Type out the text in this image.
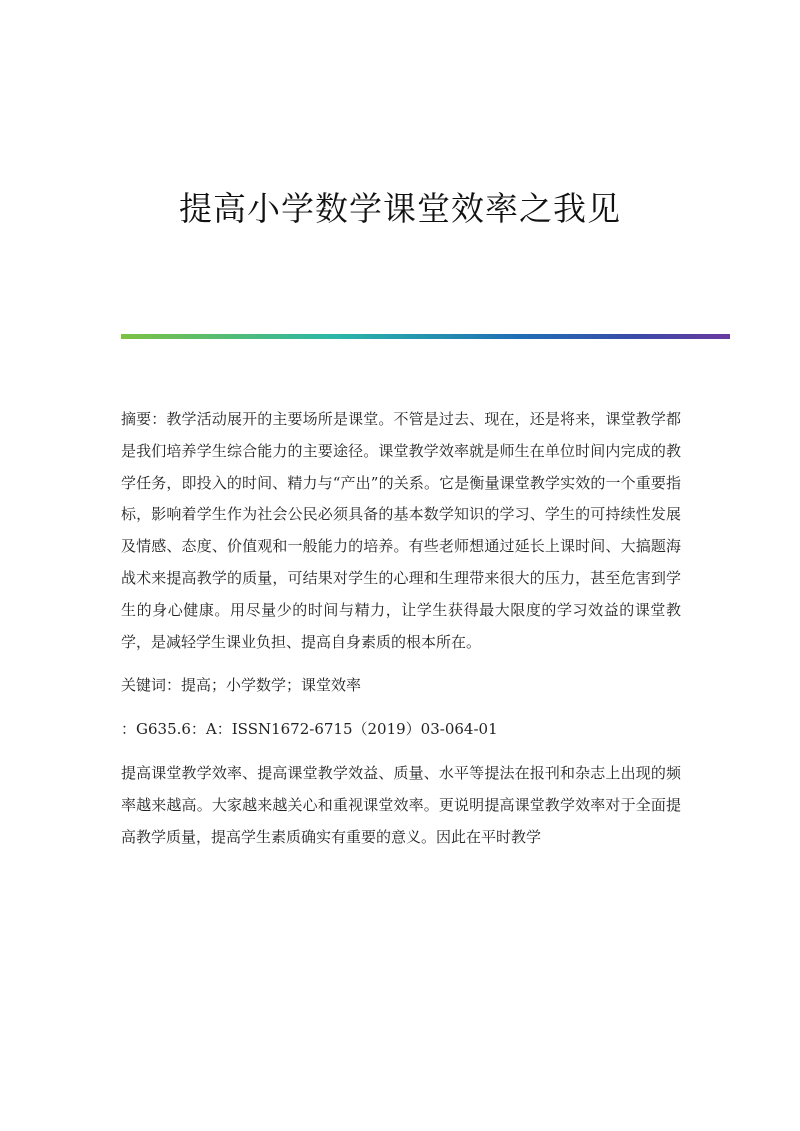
提高小学数学课堂效率之我见

摘要：教学活动展开的主要场所是课堂。不管是过去、现在，还是将来，课堂教学都是我们培养学生综合能力的主要途径。课堂教学效率就是师生在单位时间内完成的教学任务，即投入的时间、精力与“产出”的关系。它是衡量课堂教学实效的一个重要指标，影响着学生作为社会公民必须具备的基本数学知识的学习、学生的可持续性发展及情感、态度、价值观和一般能力的培养。有些老师想通过延长上课时间、大搞题海战术来提高教学的质量，可结果对学生的心理和生理带来很大的压力，甚至危害到学生的身心健康。用尽量少的时间与精力，让学生获得最大限度的学习效益的课堂教学，是减轻学生课业负担、提高自身素质的根本所在。

关键词：提高；小学数学；课堂效率

：G635.6：A：ISSN1672-6715（2019）03-064-01

提高课堂教学效率、提高课堂教学效益、质量、水平等提法在报刊和杂志上出现的频率越来越高。大家越来越关心和重视课堂效率。更说明提高课堂教学效率对于全面提高教学质量，提高学生素质确实有重要的意义。因此在平时教学
